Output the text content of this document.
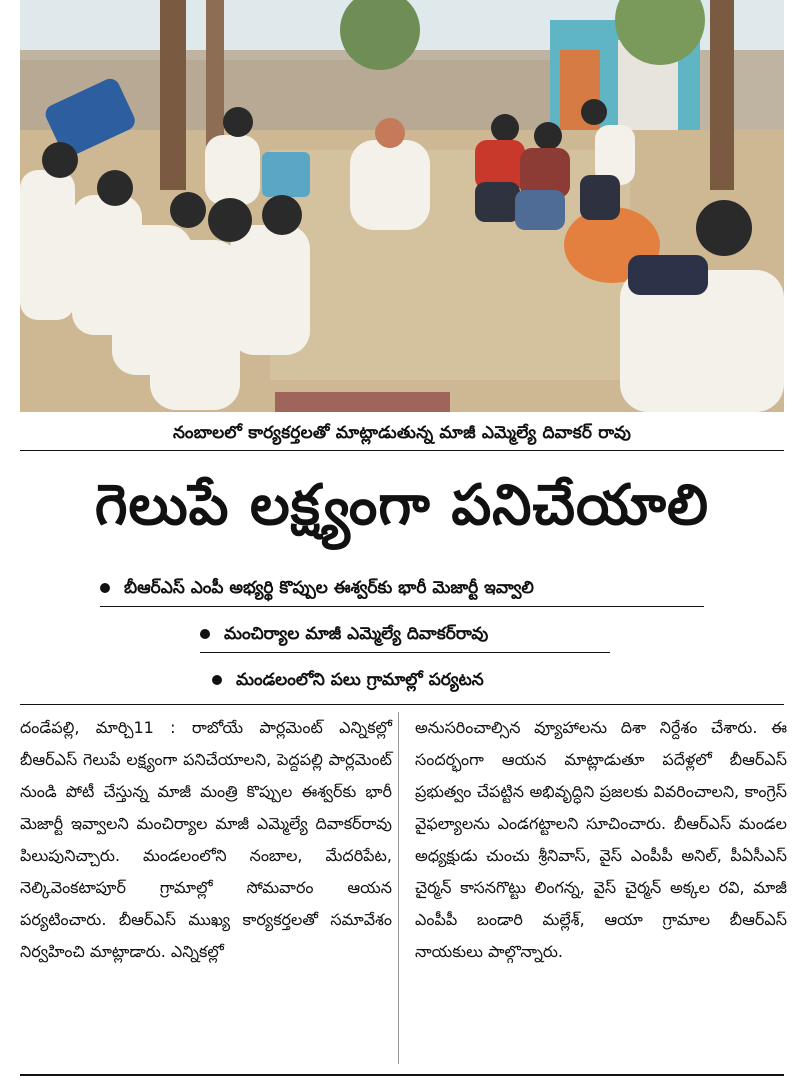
నంబాలలో కార్యకర్తలతో మాట్లాడుతున్న మాజీ ఎమ్మెల్యే దివాకర్ రావు
గెలుపే లక్ష్యంగా పనిచేయాలి
బీఆర్ఎస్ ఎంపీ అభ్యర్థి కొప్పుల ఈశ్వర్‌కు భారీ మెజార్టీ ఇవ్వాలి
మంచిర్యాల మాజీ ఎమ్మెల్యే దివాకర్‌రావు
మండలంలోని పలు గ్రామాల్లో పర్యటన
దండేపల్లి, మార్చి11 : రాబోయే పార్లమెంట్ ఎన్నికల్లో బీఆర్ఎస్ గెలుపే లక్ష్యంగా పనిచేయాలని, పెద్దపల్లి పార్లమెంట్ నుండి పోటీ చేస్తున్న మాజీ మంత్రి కొప్పుల ఈశ్వర్‌కు భారీ మెజార్టీ ఇవ్వాలని మంచిర్యాల మాజీ ఎమ్మెల్యే దివాకర్‌రావు పిలుపునిచ్చారు. మండలంలోని నంబాల, మేదరిపేట, నెల్కివెంకటాపూర్ గ్రామాల్లో సోమవారం ఆయన పర్యటించారు. బీఆర్ఎస్ ముఖ్య కార్యకర్తలతో సమావేశం నిర్వహించి మాట్లాడారు. ఎన్నికల్లో
అనుసరించాల్సిన వ్యూహాలను దిశా నిర్దేశం చేశారు. ఈ సందర్భంగా ఆయన మాట్లాడుతూ పదేళ్లలో బీఆర్ఎస్ ప్రభుత్వం చేపట్టిన అభివృద్ధిని ప్రజలకు వివరించాలని, కాంగ్రెస్ వైఫల్యాలను ఎండగట్టాలని సూచించారు. బీఆర్ఎస్ మండల అధ్యక్షుడు చుంచు శ్రీనివాస్, వైస్ ఎంపీపీ అనిల్, పీఏసీఎస్ చైర్మన్ కాసనగొట్టు లింగన్న, వైస్ చైర్మన్ అక్కల రవి, మాజీ ఎంపీపీ బండారి మల్లేశ్, ఆయా గ్రామాల బీఆర్ఎస్ నాయకులు పాల్గొన్నారు.
